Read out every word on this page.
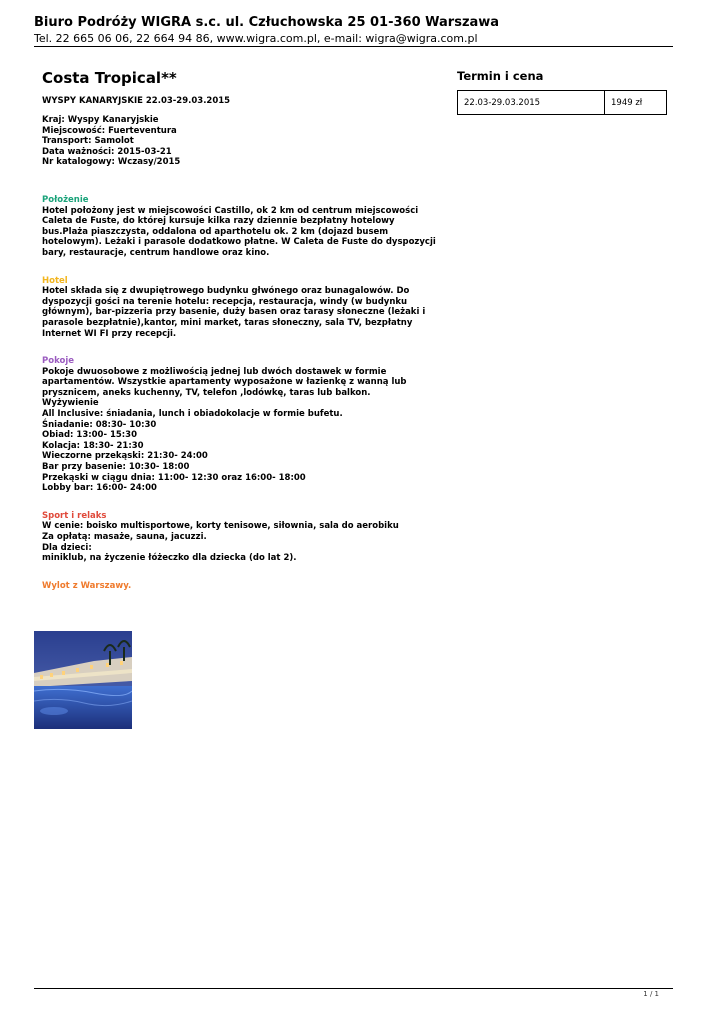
Biuro Podróży WIGRA s.c. ul. Człuchowska 25 01-360 Warszawa
Tel. 22 665 06 06, 22 664 94 86, www.wigra.com.pl, e-mail: wigra@wigra.com.pl
Costa Tropical**
WYSPY KANARYJSKIE 22.03-29.03.2015
Kraj: Wyspy Kanaryjskie
Miejscowość: Fuerteventura
Transport: Samolot
Data ważności: 2015-03-21
Nr katalogowy: Wczasy/2015
Położenie
Hotel położony jest w miejscowości Castillo, ok 2 km od centrum miejscowości
Caleta de Fuste, do której kursuje kilka razy dziennie bezpłatny hotelowy
bus.Plaża piaszczysta, oddalona od aparthotelu ok. 2 km (dojazd busem
hotelowym). Leżaki i parasole dodatkowo płatne. W Caleta de Fuste do dyspozycji
bary, restauracje, centrum handlowe oraz kino.
Hotel
Hotel składa się z dwupiętrowego budynku głwónego oraz bunagalowów. Do
dyspozycji gości na terenie hotelu: recepcja, restauracja, windy (w budynku
głównym), bar-pizzeria przy basenie, duży basen oraz tarasy słoneczne (leżaki i
parasole bezpłatnie),kantor, mini market, taras słoneczny, sala TV, bezpłatny
Internet WI FI przy recepcji.
Pokoje
Pokoje dwuosobowe z możliwością jednej lub dwóch dostawek w formie
apartamentów. Wszystkie apartamenty wyposażone w łazienkę z wanną lub
prysznicem, aneks kuchenny, TV, telefon ,lodówkę, taras lub balkon.
Wyżywienie
All Inclusive: śniadania, lunch i obiadokolacje w formie bufetu.
Śniadanie: 08:30- 10:30
Obiad: 13:00- 15:30
Kolacja: 18:30- 21:30
Wieczorne przekąski: 21:30- 24:00
Bar przy basenie: 10:30- 18:00
Przekąski w ciągu dnia: 11:00- 12:30 oraz 16:00- 18:00
Lobby bar: 16:00- 24:00
Sport i relaks
W cenie: boisko multisportowe, korty tenisowe, siłownia, sala do aerobiku
Za opłatą: masaże, sauna, jacuzzi.
Dla dzieci:
miniklub, na życzenie łóżeczko dla dziecka (do lat 2).
Wylot z Warszawy.
Termin i cena
22.03-29.03.2015	1949 zł
1 / 1
